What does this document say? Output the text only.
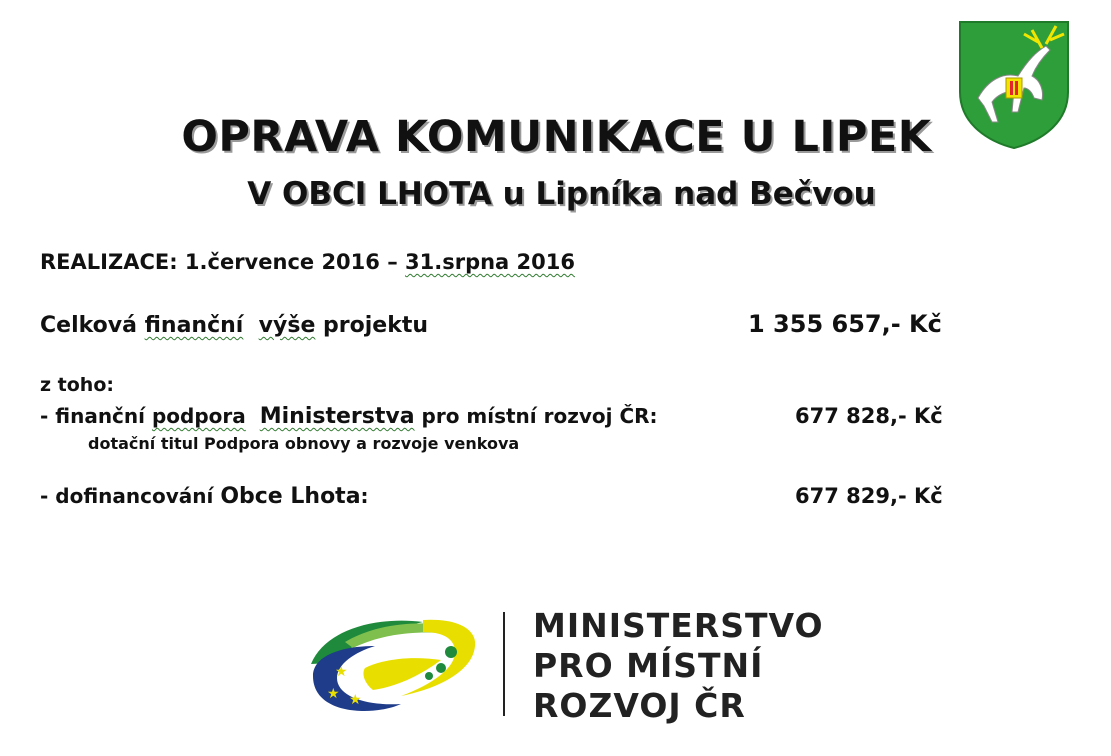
OPRAVA KOMUNIKACE U LIPEK
V OBCI LHOTA u Lipníka nad Bečvou
REALIZACE: 1.července 2016 – 31.srpna 2016
Celková finanční výše projektu	1 355 657,- Kč
z toho:
- finanční podpora Ministerstva pro místní rozvoj ČR:	677 828,- Kč
dotační titul Podpora obnovy a rozvoje venkova
- dofinancování Obce Lhota:	677 829,- Kč
★
★ ★
MINISTERSTVO
PRO MÍSTNÍ
ROZVOJ ČR
